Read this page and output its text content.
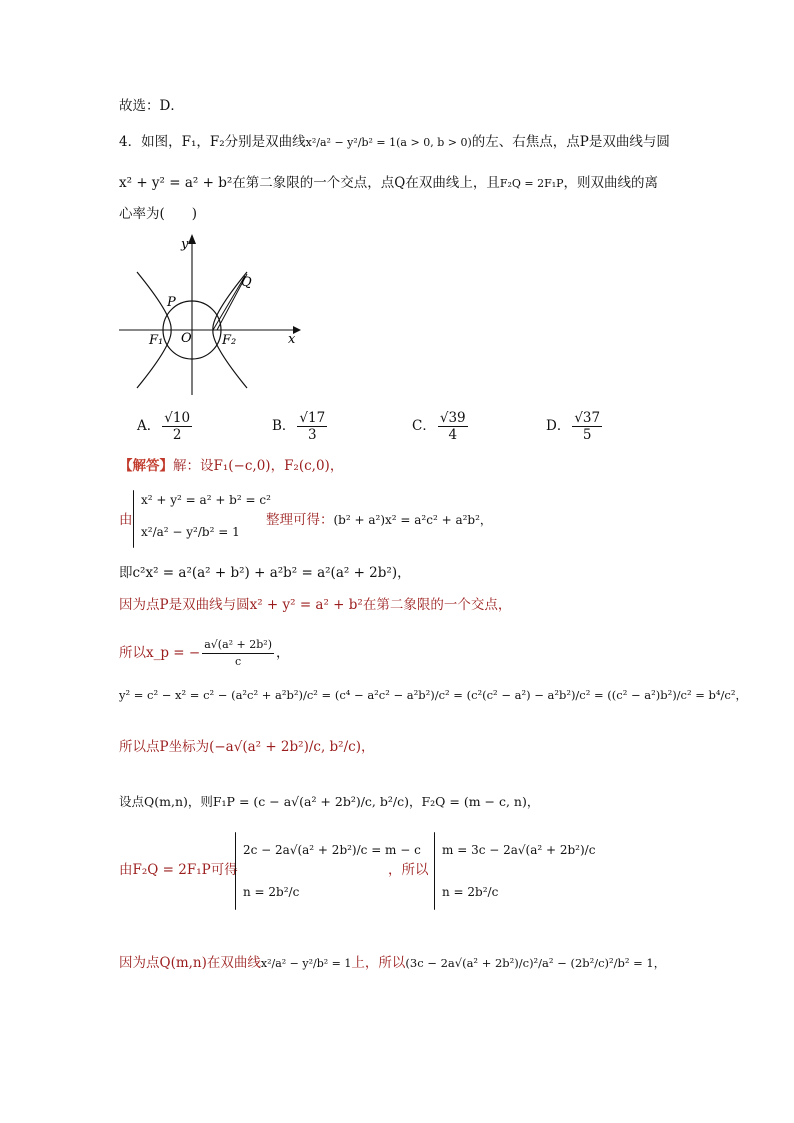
故选：D．
4．如图，F₁，F₂分别是双曲线x²/a² − y²/b² = 1(a > 0, b > 0)的左、右焦点，点P是双曲线与圆
x² + y² = a² + b²在第二象限的一个交点，点Q在双曲线上，且F₂Q = 2F₁P，则双曲线的离
心率为(　　)
y
x
P
Q
F₁ O F₂
A． $\frac{√10}{2}$	B． $\frac{√17}{3}$	C． $\frac{√39}{4}$	D． $\frac{√37}{5}$
【解答】解：设F₁(−c,0)，F₂(c,0)，
由
x² + y² = a² + b² = c²
x²/a² − y²/b² = 1
整理可得：(b² + a²)x² = a²c² + a²b²，
即c²x² = a²(a² + b²) + a²b² = a²(a² + 2b²)，
因为点P是双曲线与圆x² + y² = a² + b²在第二象限的一个交点，
所以x_p = − $\frac{\text{a√(a² + 2b²)}}{c}$ ，
y² = c² − x² = c² − (a²c² + a²b²)/c² = (c⁴ − a²c² − a²b²)/c² = (c²(c² − a²) − a²b²)/c² = ((c² − a²)b²)/c² = b⁴/c²，
所以点P坐标为(−a√(a² + 2b²)/c, b²/c)，
设点Q(m,n)，则F₁P = (c − a√(a² + 2b²)/c, b²/c)，F₂Q = (m − c, n)，
由F₂Q = 2F₁P可得
2c − 2a√(a² + 2b²)/c = m − c
n = 2b²/c
，所以
m = 3c − 2a√(a² + 2b²)/c
n = 2b²/c
因为点Q(m,n)在双曲线x²/a² − y²/b² = 1上，所以(3c − 2a√(a² + 2b²)/c)²/a² − (2b²/c)²/b² = 1，
